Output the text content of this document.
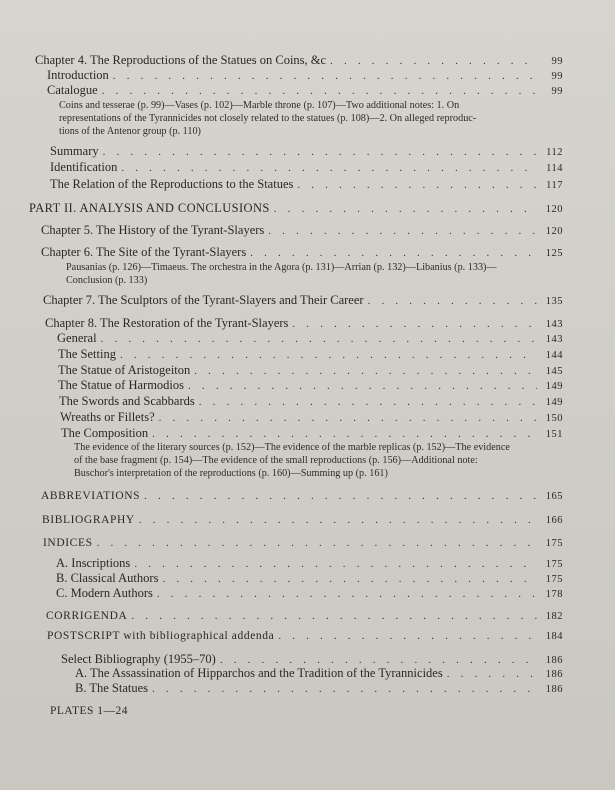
Chapter 4. The Reproductions of the Statues on Coins, &c . . .	99
Introduction . . .	99
Catalogue . . .	99
Coins and tesserae (p. 99)—Vases (p. 102)—Marble throne (p. 107)—Two additional notes: 1. On
representations of the Tyrannicides not closely related to the statues (p. 108)—2. On alleged reproduc-
tions of the Antenor group (p. 110)
Summary . . .	112
Identification . . .	114
The Relation of the Reproductions to the Statues . . .	117
PART II. ANALYSIS AND CONCLUSIONS . . .	120
Chapter 5. The History of the Tyrant-Slayers . . .	120
Chapter 6. The Site of the Tyrant-Slayers . . .	125
Pausanias (p. 126)—Timaeus. The orchestra in the Agora (p. 131)—Arrian (p. 132)—Libanius (p. 133)—
Conclusion (p. 133)
Chapter 7. The Sculptors of the Tyrant-Slayers and Their Career . . .	135
Chapter 8. The Restoration of the Tyrant-Slayers . . .	143
General . . .	143
The Setting . . .	144
The Statue of Aristogeiton . . .	145
The Statue of Harmodios . . .	149
The Swords and Scabbards . . .	149
Wreaths or Fillets? . . .	150
The Composition . . .	151
The evidence of the literary sources (p. 152)—The evidence of the marble replicas (p. 152)—The evidence
of the base fragment (p. 154)—The evidence of the small reproductions (p. 156)—Additional note:
Buschor's interpretation of the reproductions (p. 160)—Summing up (p. 161)
ABBREVIATIONS . . .	165
BIBLIOGRAPHY . . .	166
INDICES . . .	175
A. Inscriptions . . .	175
B. Classical Authors . . .	175
C. Modern Authors . . .	178
CORRIGENDA . . .	182
POSTSCRIPT with bibliographical addenda . . .	184
Select Bibliography (1955–70) . . .	186
A. The Assassination of Hipparchos and the Tradition of the Tyrannicides . . .	186
B. The Statues . . .	186
PLATES 1—24
